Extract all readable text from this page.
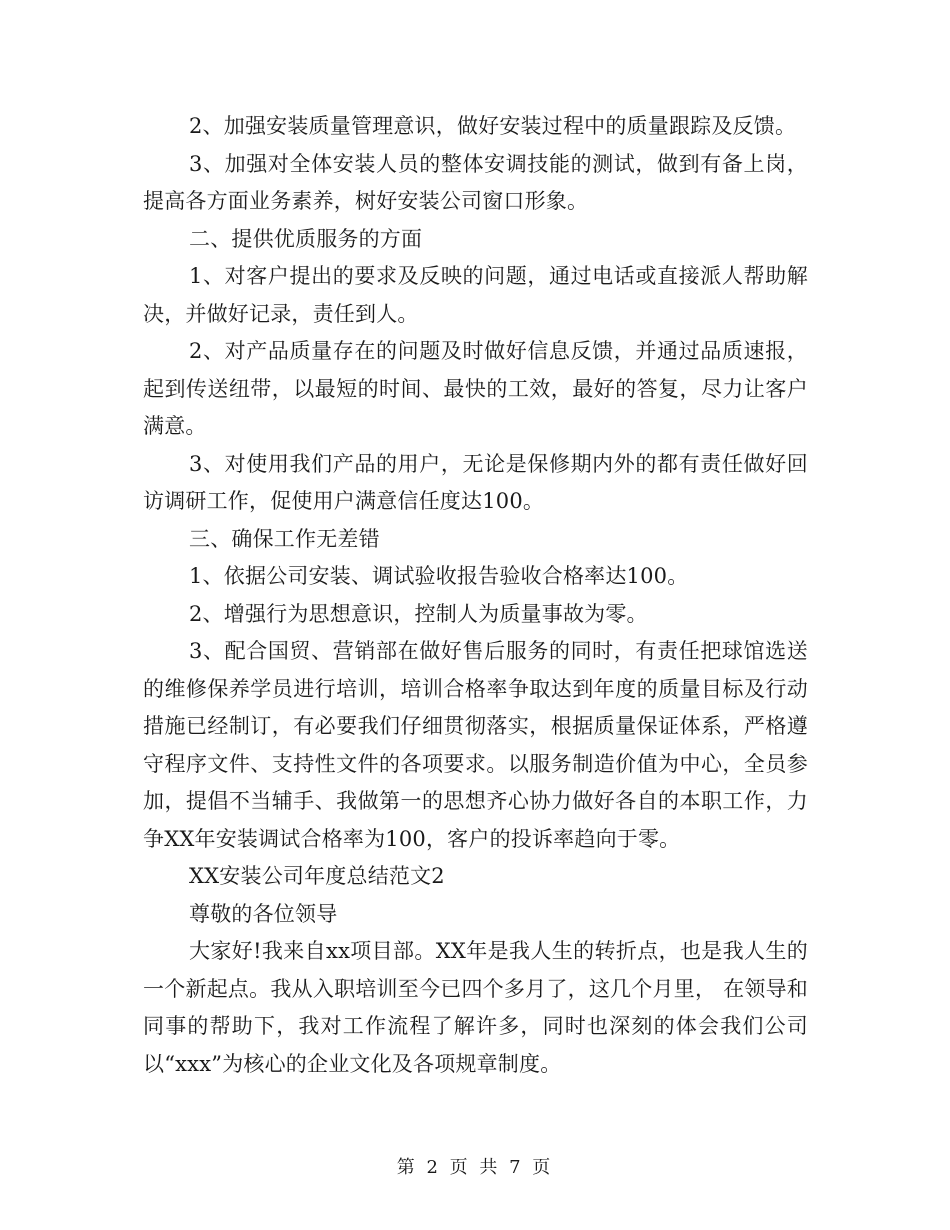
2、加强安装质量管理意识，做好安装过程中的质量跟踪及反馈。

3、加强对全体安装人员的整体安调技能的测试，做到有备上岗，提高各方面业务素养，树好安装公司窗口形象。

二、提供优质服务的方面

1、对客户提出的要求及反映的问题，通过电话或直接派人帮助解决，并做好记录，责任到人。

2、对产品质量存在的问题及时做好信息反馈，并通过品质速报，起到传送纽带，以最短的时间、最快的工效，最好的答复，尽力让客户满意。

3、对使用我们产品的用户，无论是保修期内外的都有责任做好回访调研工作，促使用户满意信任度达100。

三、确保工作无差错

1、依据公司安装、调试验收报告验收合格率达100。

2、增强行为思想意识，控制人为质量事故为零。

3、配合国贸、营销部在做好售后服务的同时，有责任把球馆选送的维修保养学员进行培训，培训合格率争取达到年度的质量目标及行动措施已经制订，有必要我们仔细贯彻落实，根据质量保证体系，严格遵守程序文件、支持性文件的各项要求。以服务制造价值为中心，全员参加，提倡不当辅手、我做第一的思想齐心协力做好各自的本职工作，力争XX年安装调试合格率为100，客户的投诉率趋向于零。

XX安装公司年度总结范文2

尊敬的各位领导

大家好!我来自xx项目部。XX年是我人生的转折点，也是我人生的一个新起点。我从入职培训至今已四个多月了，这几个月里， 在领导和同事的帮助下，我对工作流程了解许多，同时也深刻的体会我们公司以“xxx”为核心的企业文化及各项规章制度。

第 2 页 共 7 页
